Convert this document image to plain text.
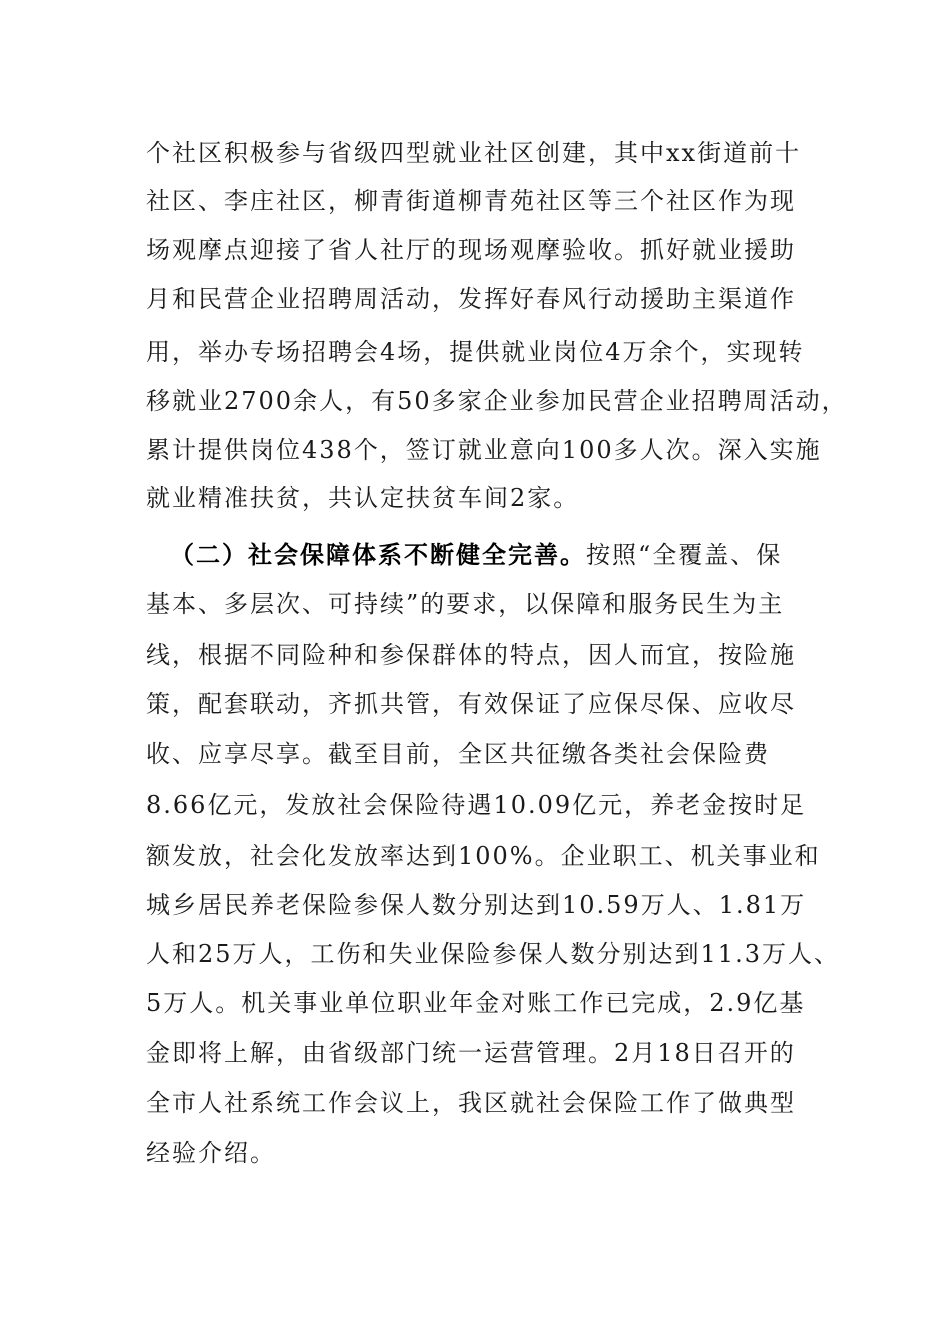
个社区积极参与省级四型就业社区创建，其中xx街道前十
社区、李庄社区，柳青街道柳青苑社区等三个社区作为现
场观摩点迎接了省人社厅的现场观摩验收。抓好就业援助
月和民营企业招聘周活动，发挥好春风行动援助主渠道作
用，举办专场招聘会4场，提供就业岗位4万余个，实现转
移就业2700余人，有50多家企业参加民营企业招聘周活动，
累计提供岗位438个，签订就业意向100多人次。深入实施
就业精准扶贫，共认定扶贫车间2家。
（二）社会保障体系不断健全完善。按照“全覆盖、保
基本、多层次、可持续”的要求，以保障和服务民生为主
线，根据不同险种和参保群体的特点，因人而宜，按险施
策，配套联动，齐抓共管，有效保证了应保尽保、应收尽
收、应享尽享。截至目前，全区共征缴各类社会保险费
8.66亿元，发放社会保险待遇10.09亿元，养老金按时足
额发放，社会化发放率达到100%。企业职工、机关事业和
城乡居民养老保险参保人数分别达到10.59万人、1.81万
人和25万人，工伤和失业保险参保人数分别达到11.3万人、
5万人。机关事业单位职业年金对账工作已完成，2.9亿基
金即将上解，由省级部门统一运营管理。2月18日召开的
全市人社系统工作会议上，我区就社会保险工作了做典型
经验介绍。
